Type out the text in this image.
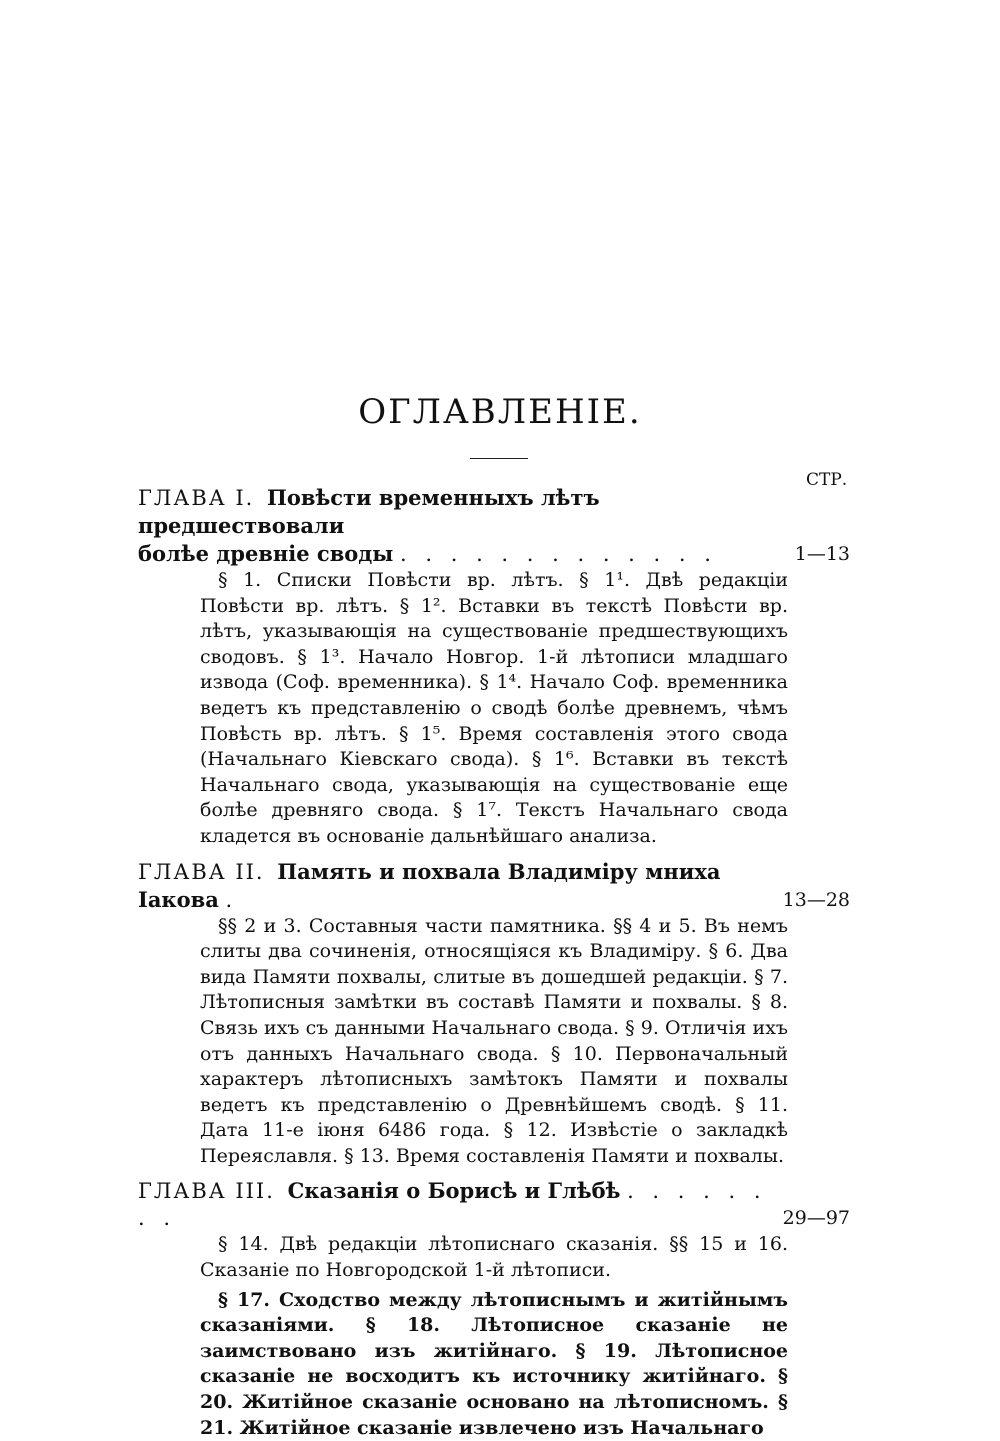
ОГЛАВЛЕНІЕ.
СТР.
ГЛАВА I. Повѣсти временныхъ лѣтъ предшествовали
болѣе древніе своды . . . . . . . . . . . . .	1—13
§ 1. Списки Повѣсти вр. лѣтъ. § 1¹. Двѣ редакціи Повѣсти вр. лѣтъ. § 1². Вставки въ текстѣ Повѣсти вр. лѣтъ, указывающія на существованіе предшествующихъ сводовъ. § 1³. Начало Новгор. 1-й лѣтописи младшаго извода (Соф. временника). § 1⁴. Начало Соф. временника ведетъ къ представленію о сводѣ болѣе древнемъ, чѣмъ Повѣсть вр. лѣтъ. § 1⁵. Время составленія этого свода (Начальнаго Кіевскаго свода). § 1⁶. Вставки въ текстѣ Начальнаго свода, указывающія на существованіе еще болѣе древняго свода. § 1⁷. Текстъ Начальнаго свода кладется въ основаніе дальнѣйшаго анализа.
ГЛАВА II. Память и похвала Владиміру мниха Іакова .	13—28
§§ 2 и 3. Составныя части памятника. §§ 4 и 5. Въ немъ слиты два сочиненія, относящіяся къ Владиміру. § 6. Два вида Памяти похвалы, слитые въ дошедшей редакціи. § 7. Лѣтописныя замѣтки въ составѣ Памяти и похвалы. § 8. Связь ихъ съ данными Начальнаго свода. § 9. Отличія ихъ отъ данныхъ Начальнаго свода. § 10. Первоначальный характеръ лѣтописныхъ замѣтокъ Памяти и похвалы ведетъ къ представленію о Древнѣйшемъ сводѣ. § 11. Дата 11-е іюня 6486 года. § 12. Извѣстіе о закладкѣ Переяславля. § 13. Время составленія Памяти и похвалы.
ГЛАВА III. Сказанія о Борисѣ и Глѣбѣ . . . . . . . .	29—97
§ 14. Двѣ редакціи лѣтописнаго сказанія. §§ 15 и 16. Сказаніе по Новгородской 1-й лѣтописи.
§ 17. Сходство между лѣтописнымъ и житійнымъ сказаніями. § 18. Лѣтописное сказаніе не заимствовано изъ житійнаго. § 19. Лѣтописное сказаніе не восходитъ къ источнику житійнаго. § 20. Житійное сказаніе основано на лѣтописномъ. § 21. Житійное сказаніе извлечено изъ Начальнаго
